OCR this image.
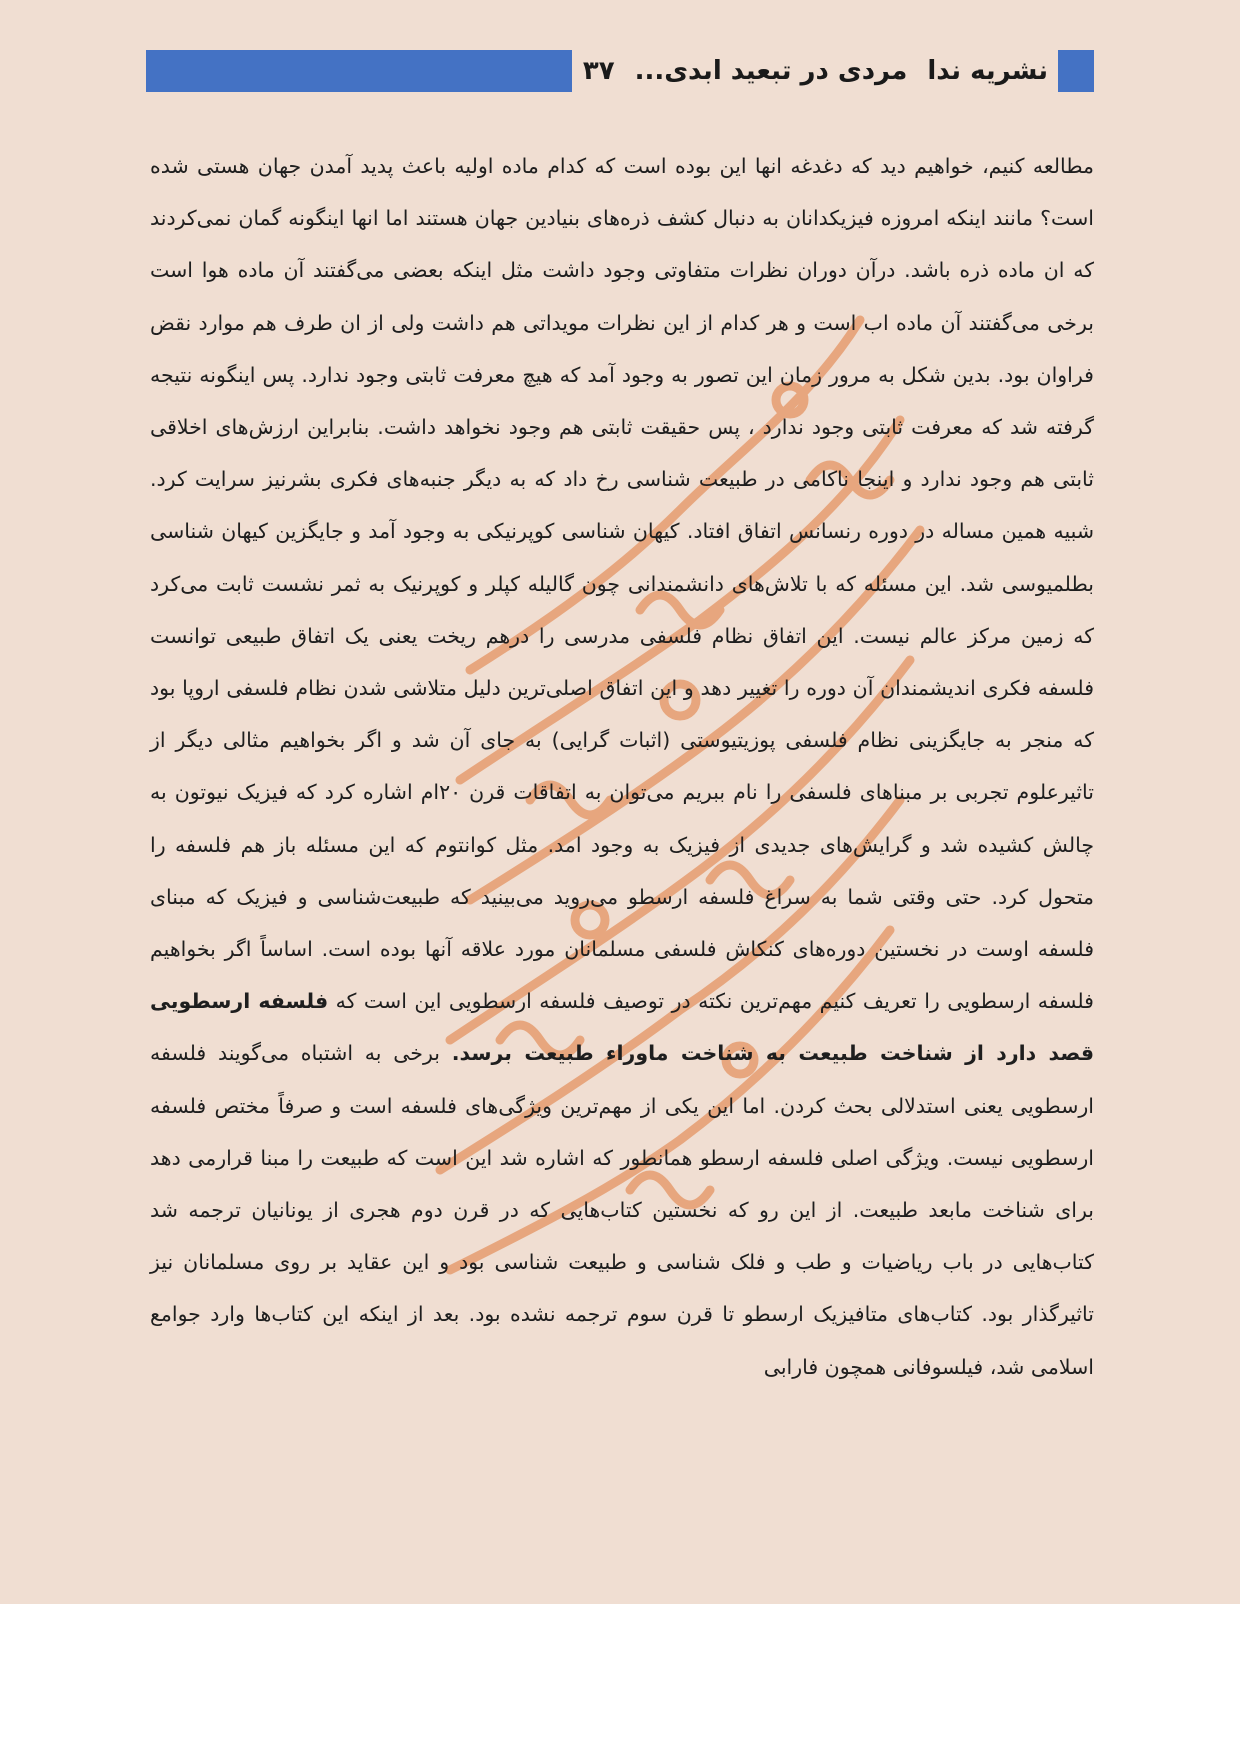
نشریه ندا
مردی در تبعید ابدی...
۳۷

مطالعه کنیم، خواهیم دید که دغدغه انها این بوده است که کدام ماده اولیه باعث پدید آمدن جهان هستی شده است؟ مانند اینکه امروزه فیزیکدانان به دنبال کشف ذره‌های بنیادین جهان هستند اما انها اینگونه گمان نمی‌کردند که ان ماده ذره باشد. درآن دوران نظرات متفاوتی وجود داشت مثل اینکه بعضی می‌گفتند آن ماده هوا است برخی می‌گفتند آن ماده اب است و هر کدام از این نظرات مویداتی هم داشت ولی از ان طرف هم موارد نقض فراوان بود. بدین شکل به مرور زمان این تصور به وجود آمد که هیچ معرفت ثابتی وجود ندارد. پس اینگونه نتیجه گرفته شد که معرفت ثابتی وجود ندارد ، پس حقیقت ثابتی هم وجود نخواهد داشت. بنابراین ارزش‌های اخلاقی ثابتی هم وجود ندارد و اینجا ناکامی در طبیعت شناسی رخ داد که به دیگر جنبه‌های فکری بشرنیز سرایت کرد. شبیه همین مساله در دوره رنسانس اتفاق افتاد. کیهان شناسی کوپرنیکی به وجود آمد و جایگزین کیهان شناسی بطلمیوسی شد. این مسئله که با تلاش‌های دانشمندانی چون گالیله کپلر و کوپرنیک به ثمر نشست ثابت می‌کرد که زمین مرکز عالم نیست. این اتفاق نظام فلسفی مدرسی را درهم ریخت یعنی یک اتفاق طبیعی توانست فلسفه فکری اندیشمندان آن دوره را تغییر دهد و این اتفاق اصلی‌ترین دلیل متلاشی شدن نظام فلسفی اروپا بود که منجر به جایگزینی نظام فلسفی پوزیتیوستی (اثبات گرایی) به جای آن شد و اگر بخواهیم مثالی دیگر از تاثیرعلوم تجربی بر مبناهای فلسفی را نام ببریم می‌توان به اتفاقات قرن ۲۰ام اشاره کرد که فیزیک نیوتون به چالش کشیده شد و گرایش‌های جدیدی از فیزیک به وجود امد. مثل کوانتوم که این مسئله باز هم فلسفه را متحول کرد. حتی وقتی شما به سراغ فلسفه ارسطو می‌روید می‌بینید که طبیعت‌شناسی و فیزیک که مبنای فلسفه اوست در نخستین دوره‌های کنکاش فلسفی مسلمانان مورد علاقه آنها بوده است. اساساً اگر بخواهیم فلسفه ارسطویی را تعریف کنیم مهم‌ترین نکته در توصیف فلسفه ارسطویی این است که فلسفه ارسطویی قصد دارد از شناخت طبیعت به شناخت ماوراء طبیعت برسد. برخی به اشتباه می‌گویند فلسفه ارسطویی یعنی استدلالی بحث کردن. اما این یکی از مهم‌ترین ویژگی‌های فلسفه است و صرفاً مختص فلسفه ارسطویی نیست. ویژگی اصلی فلسفه ارسطو همانطور که اشاره شد این است که طبیعت را مبنا قرارمی دهد برای شناخت مابعد طبیعت. از این رو که نخستین کتاب‌هایی که در قرن دوم هجری از یونانیان ترجمه شد کتاب‌هایی در باب ریاضیات و طب و فلک شناسی و طبیعت شناسی بود و این عقاید بر روی مسلمانان نیز تاثیرگذار بود. کتاب‌های متافیزیک ارسطو تا قرن سوم ترجمه نشده بود. بعد از اینکه این کتاب‌ها وارد جوامع اسلامی شد، فیلسوفانی همچون فارابی
